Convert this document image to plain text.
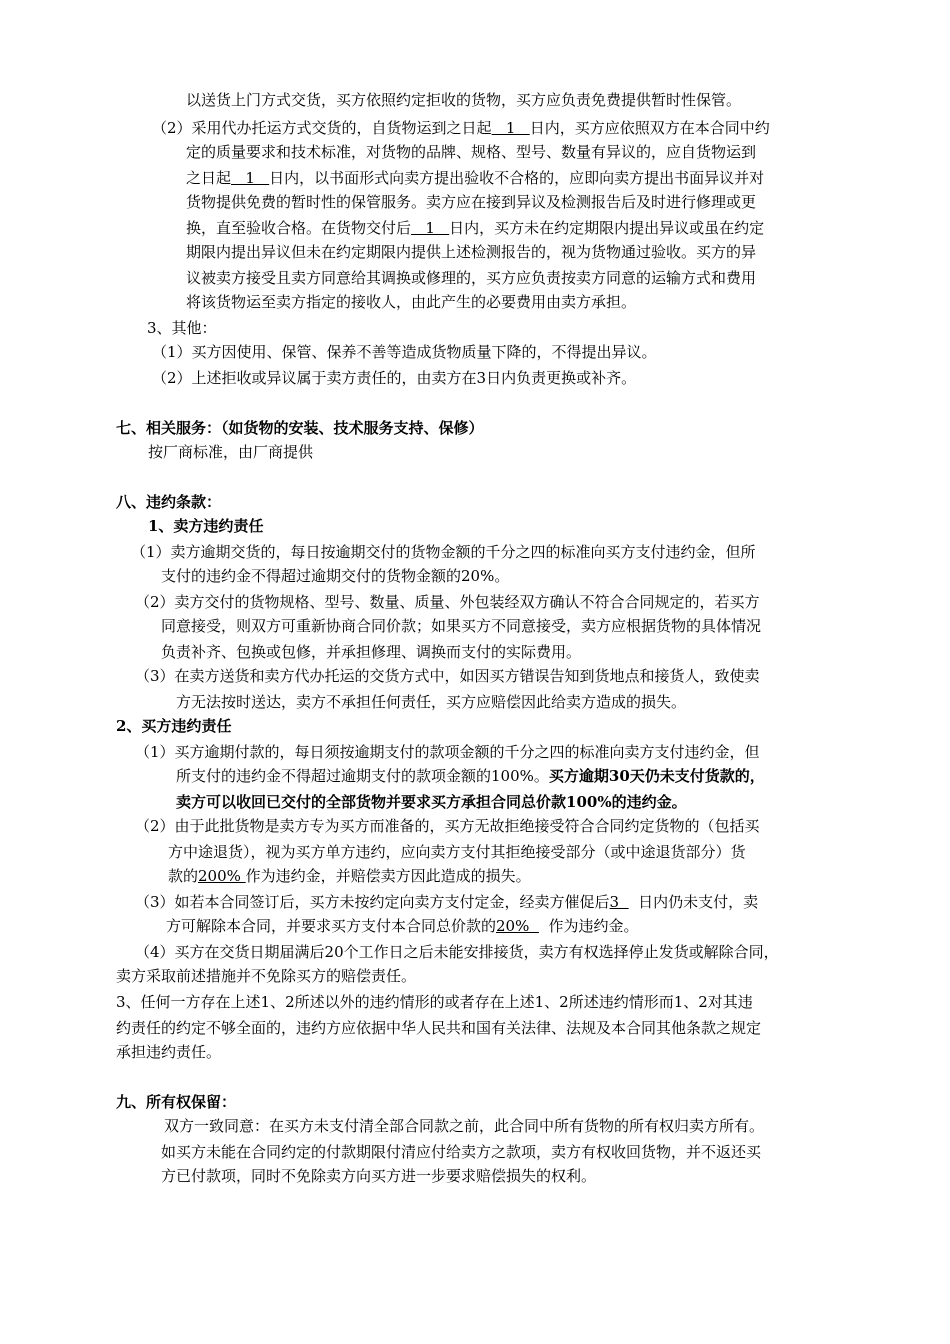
以送货上门方式交货，买方依照约定拒收的货物，买方应负责免费提供暂时性保管。
（2）采用代办托运方式交货的，自货物运到之日起   1   日内，买方应依照双方在本合同中约
定的质量要求和技术标准，对货物的品牌、规格、型号、数量有异议的，应自货物运到
之日起   1   日内，以书面形式向卖方提出验收不合格的，应即向卖方提出书面异议并对
货物提供免费的暂时性的保管服务。卖方应在接到异议及检测报告后及时进行修理或更
换，直至验收合格。在货物交付后   1   日内，买方未在约定期限内提出异议或虽在约定
期限内提出异议但未在约定期限内提供上述检测报告的，视为货物通过验收。买方的异
议被卖方接受且卖方同意给其调换或修理的，买方应负责按卖方同意的运输方式和费用
将该货物运至卖方指定的接收人，由此产生的必要费用由卖方承担。
3、其他：
（1）买方因使用、保管、保养不善等造成货物质量下降的，不得提出异议。
（2）上述拒收或异议属于卖方责任的，由卖方在3日内负责更换或补齐。
七、相关服务：（如货物的安装、技术服务支持、保修）
按厂商标准，由厂商提供
八、违约条款：
1、卖方违约责任
（1）卖方逾期交货的，每日按逾期交付的货物金额的千分之四的标准向买方支付违约金，但所
支付的违约金不得超过逾期交付的货物金额的20%。
（2）卖方交付的货物规格、型号、数量、质量、外包装经双方确认不符合合同规定的，若买方
同意接受，则双方可重新协商合同价款；如果买方不同意接受，卖方应根据货物的具体情况
负责补齐、包换或包修，并承担修理、调换而支付的实际费用。
（3）在卖方送货和卖方代办托运的交货方式中，如因买方错误告知到货地点和接货人，致使卖
方无法按时送达，卖方不承担任何责任，买方应赔偿因此给卖方造成的损失。
2、买方违约责任
（1）买方逾期付款的，每日须按逾期支付的款项金额的千分之四的标准向卖方支付违约金，但
所支付的违约金不得超过逾期支付的款项金额的100%。买方逾期30天仍未支付货款的，
卖方可以收回已交付的全部货物并要求买方承担合同总价款100%的违约金。
（2）由于此批货物是卖方专为买方而准备的，买方无故拒绝接受符合合同约定货物的（包括买
方中途退货），视为买方单方违约，应向卖方支付其拒绝接受部分（或中途退货部分）货
款的200% 作为违约金，并赔偿卖方因此造成的损失。
（3）如若本合同签订后，买方未按约定向卖方支付定金，经卖方催促后3    日内仍未支付，卖
方可解除本合同，并要求买方支付本合同总价款的20%    作为违约金。
（4）买方在交货日期届满后20个工作日之后未能安排接货，卖方有权选择停止发货或解除合同，
卖方采取前述措施并不免除买方的赔偿责任。
3、任何一方存在上述1、2所述以外的违约情形的或者存在上述1、2所述违约情形而1、2对其违
约责任的约定不够全面的，违约方应依据中华人民共和国有关法律、法规及本合同其他条款之规定
承担违约责任。
九、所有权保留：
双方一致同意：在买方未支付清全部合同款之前，此合同中所有货物的所有权归卖方所有。
如买方未能在合同约定的付款期限付清应付给卖方之款项，卖方有权收回货物，并不返还买
方已付款项，同时不免除卖方向买方进一步要求赔偿损失的权利。
